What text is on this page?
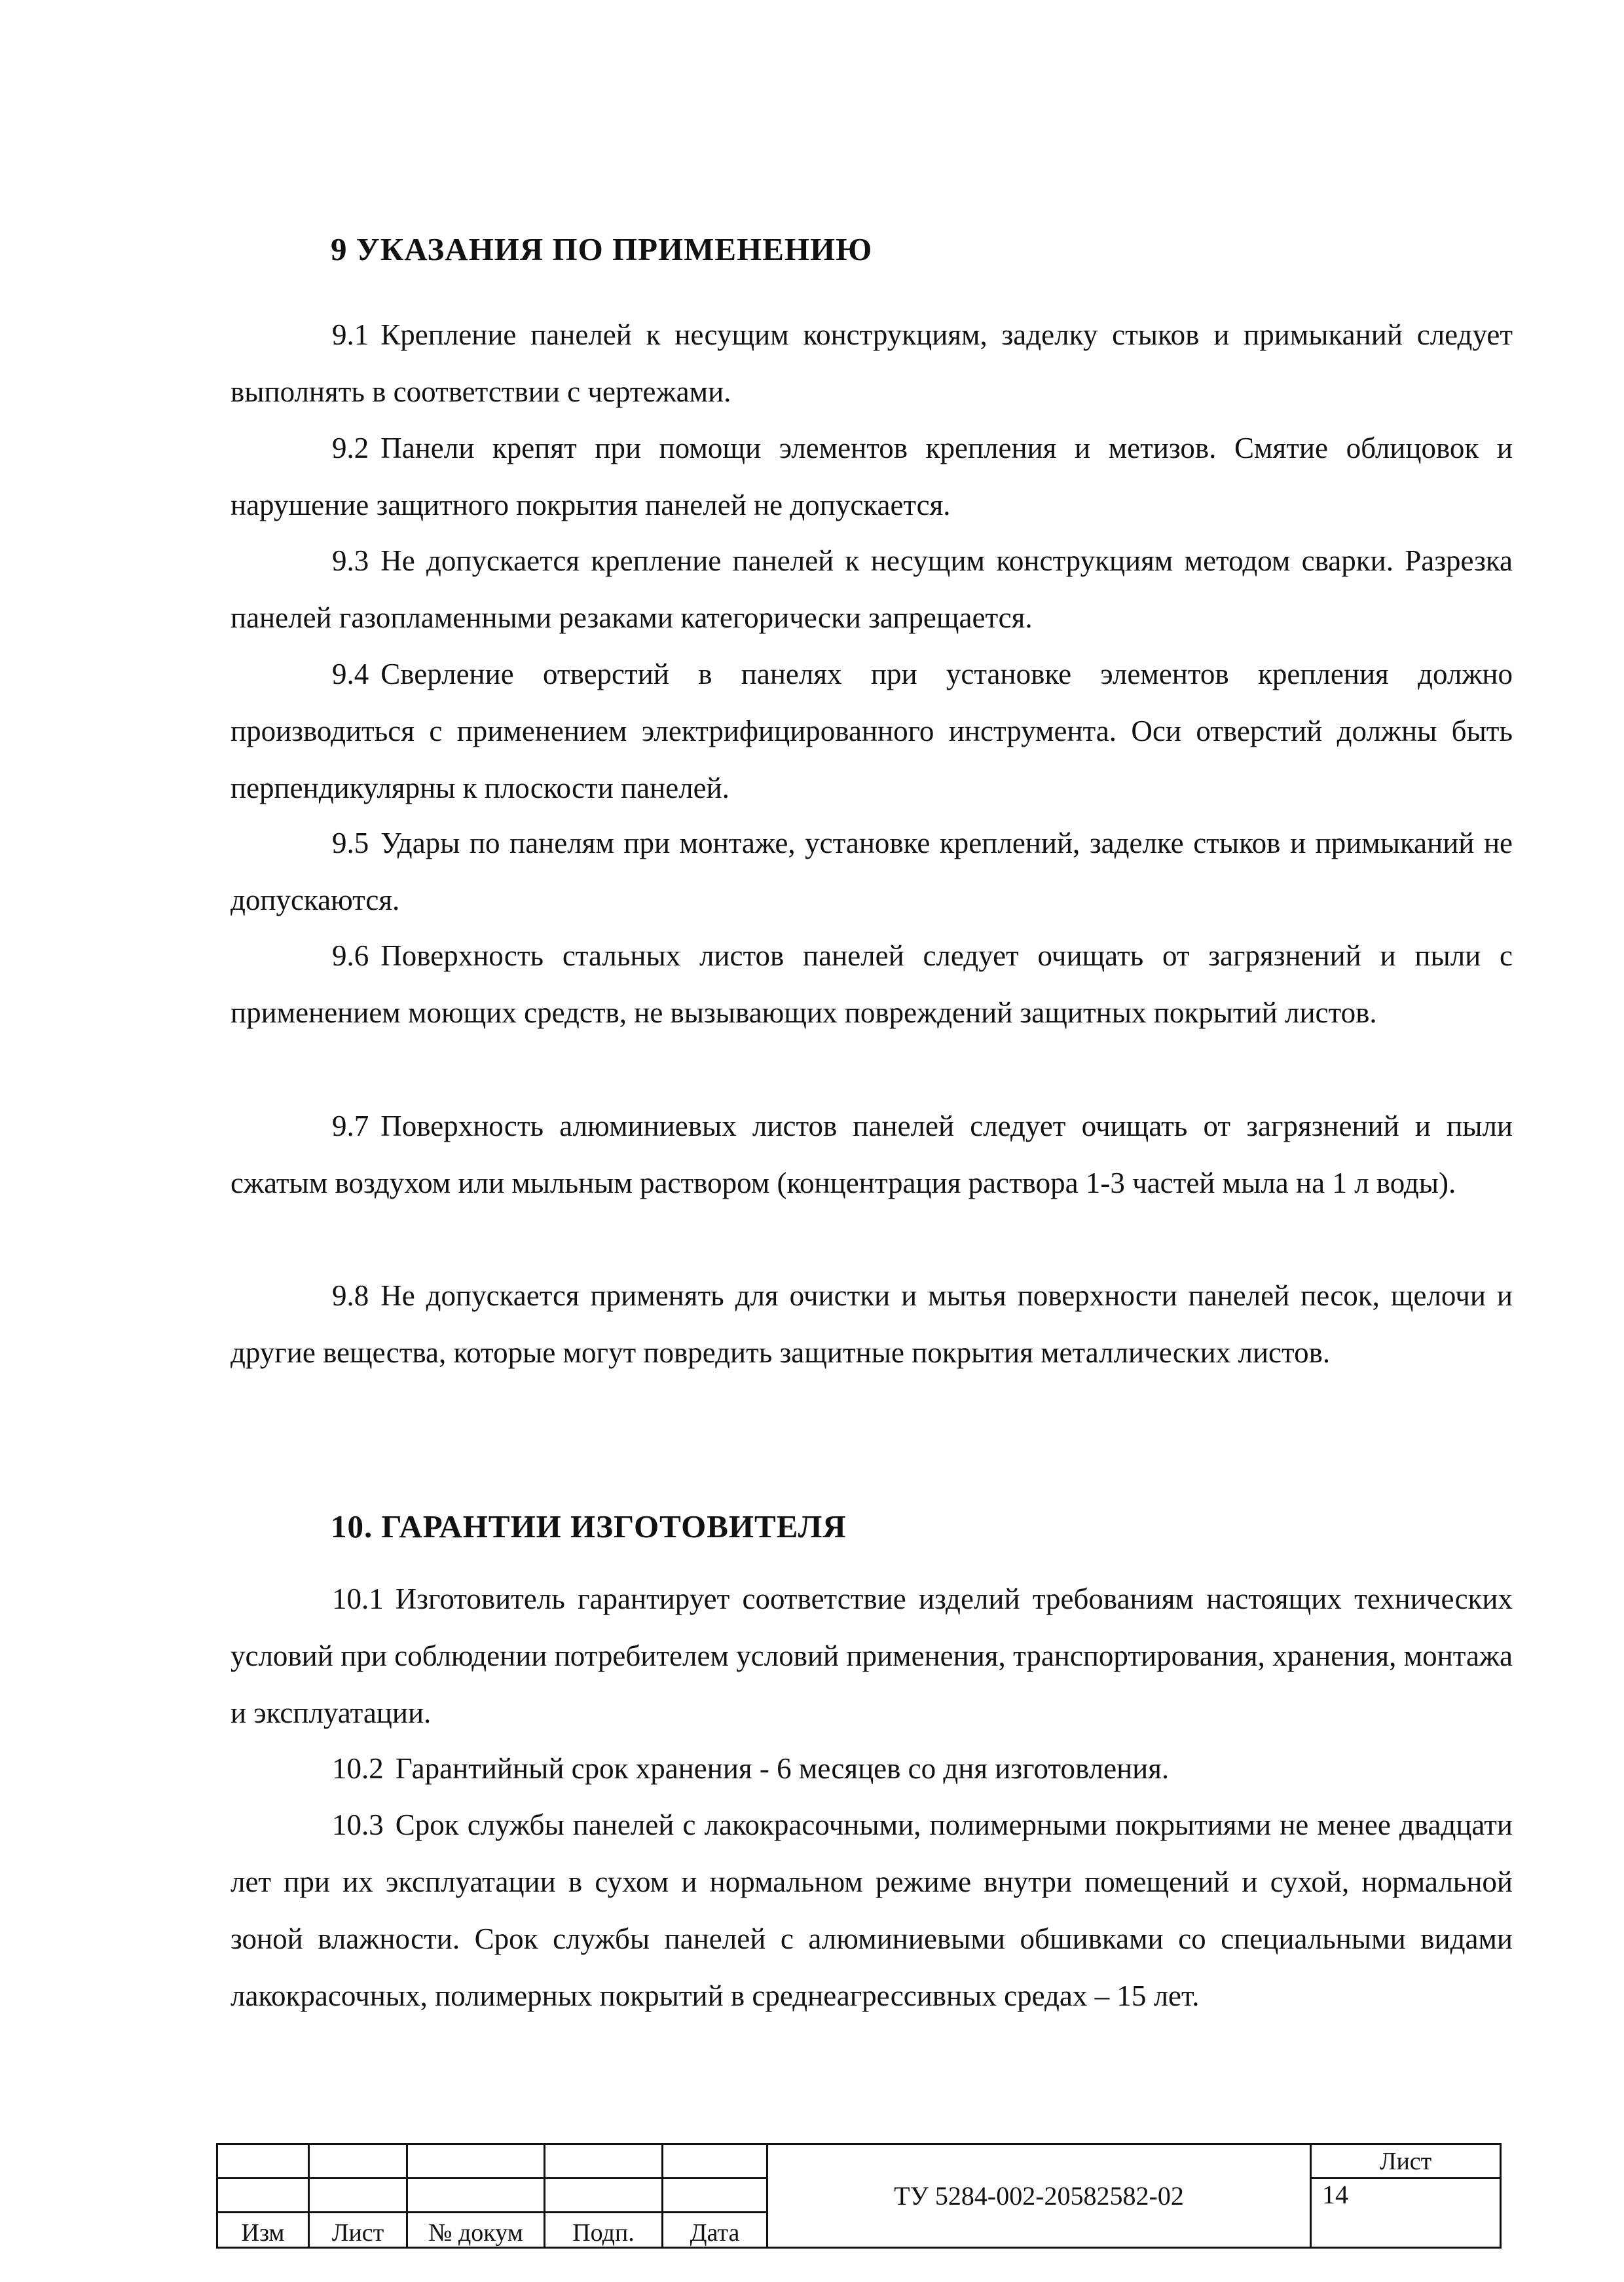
9 УКАЗАНИЯ ПО ПРИМЕНЕНИЮ

9.1 Крепление панелей к несущим конструкциям, заделку стыков и примыканий следует выполнять в соответствии с чертежами.

9.2 Панели крепят при помощи элементов крепления и метизов. Смятие облицовок и нарушение защитного покрытия панелей не допускается.

9.3 Не допускается крепление панелей к несущим конструкциям методом сварки. Разрезка панелей газопламенными резаками категорически запрещается.

9.4 Сверление отверстий в панелях при установке элементов крепления должно производиться с применением электрифицированного инструмента. Оси отверстий должны быть перпендикулярны к плоскости панелей.

9.5 Удары по панелям при монтаже, установке креплений, заделке стыков и примыканий не допускаются.

9.6 Поверхность стальных листов панелей следует очищать от загрязнений и пыли с применением моющих средств, не вызывающих повреждений защитных покрытий листов.

9.7 Поверхность алюминиевых листов панелей следует очищать от загрязнений и пыли сжатым воздухом или мыльным раствором (концентрация раствора 1-3 частей мыла на 1 л воды).

9.8 Не допускается применять для очистки и мытья поверхности панелей песок, щелочи и другие вещества, которые могут повредить защитные покрытия металлических листов.

10. ГАРАНТИИ ИЗГОТОВИТЕЛЯ

10.1 Изготовитель гарантирует соответствие изделий требованиям настоящих технических условий при соблюдении потребителем условий применения, транспортирования, хранения, монтажа и эксплуатации.

10.2 Гарантийный срок хранения - 6 месяцев со дня изготовления.

10.3 Срок службы панелей с лакокрасочными, полимерными покрытиями не менее двадцати лет при их эксплуатации в сухом и нормальном режиме внутри помещений и сухой, нормальной зоной влажности. Срок службы панелей с алюминиевыми обшивками со специальными видами лакокрасочных, полимерных покрытий в среднеагрессивных средах – 15 лет.

					ТУ 5284-002-20582582-02	Лист
						14
Изм	Лист	№ докум	Подп.	Дата		
